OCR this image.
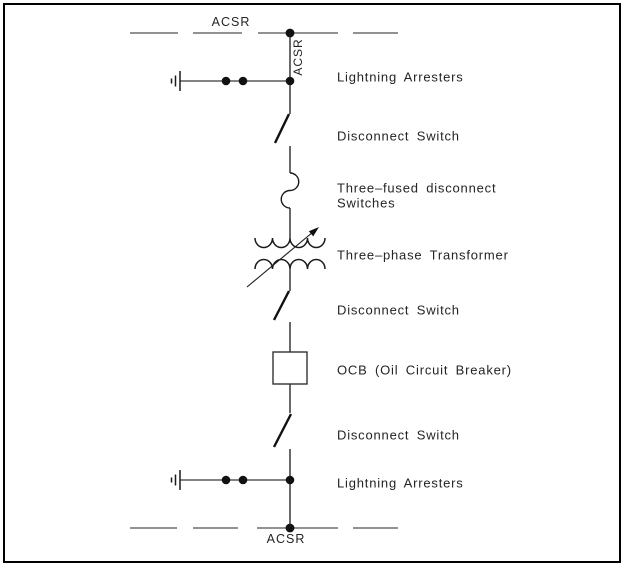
ACSR
ACSR
Lightning Arresters
Disconnect Switch
Three–fused disconnect
Switches
Three–phase Transformer
Disconnect Switch
OCB (Oil Circuit Breaker)
Disconnect Switch
Lightning Arresters
ACSR
